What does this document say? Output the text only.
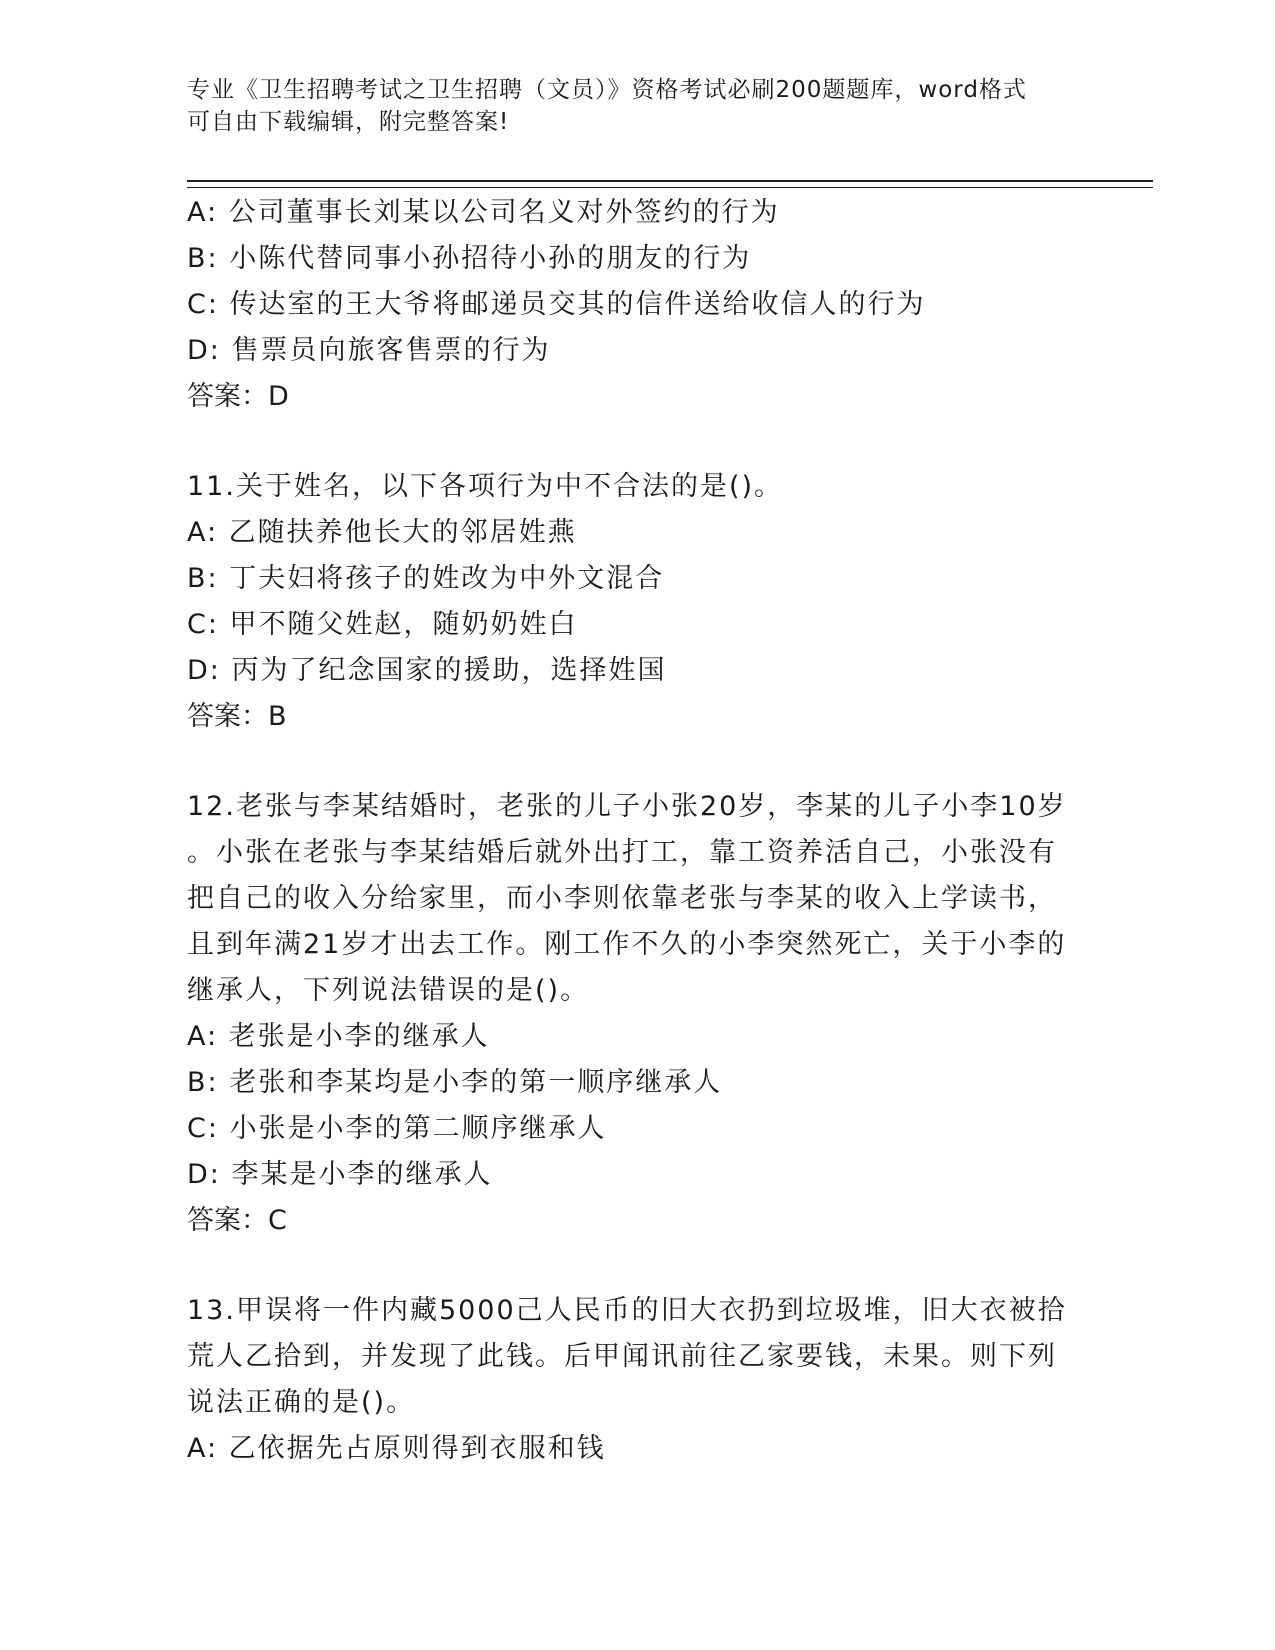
专业《卫生招聘考试之卫生招聘（文员）》资格考试必刷200题题库，word格式
可自由下载编辑，附完整答案!
A: 公司董事长刘某以公司名义对外签约的行为
B: 小陈代替同事小孙招待小孙的朋友的行为
C: 传达室的王大爷将邮递员交其的信件送给收信人的行为
D: 售票员向旅客售票的行为
答案：D
11.关于姓名，以下各项行为中不合法的是()。
A: 乙随扶养他长大的邻居姓燕
B: 丁夫妇将孩子的姓改为中外文混合
C: 甲不随父姓赵，随奶奶姓白
D: 丙为了纪念国家的援助，选择姓国
答案：B
12.老张与李某结婚时，老张的儿子小张20岁，李某的儿子小李10岁
。小张在老张与李某结婚后就外出打工，靠工资养活自己，小张没有
把自己的收入分给家里，而小李则依靠老张与李某的收入上学读书，
且到年满21岁才出去工作。刚工作不久的小李突然死亡，关于小李的
继承人，下列说法错误的是()。
A: 老张是小李的继承人
B: 老张和李某均是小李的第一顺序继承人
C: 小张是小李的第二顺序继承人
D: 李某是小李的继承人
答案：C
13.甲误将一件内藏5000己人民币的旧大衣扔到垃圾堆，旧大衣被拾
荒人乙拾到，并发现了此钱。后甲闻讯前往乙家要钱，未果。则下列
说法正确的是()。
A: 乙依据先占原则得到衣服和钱
